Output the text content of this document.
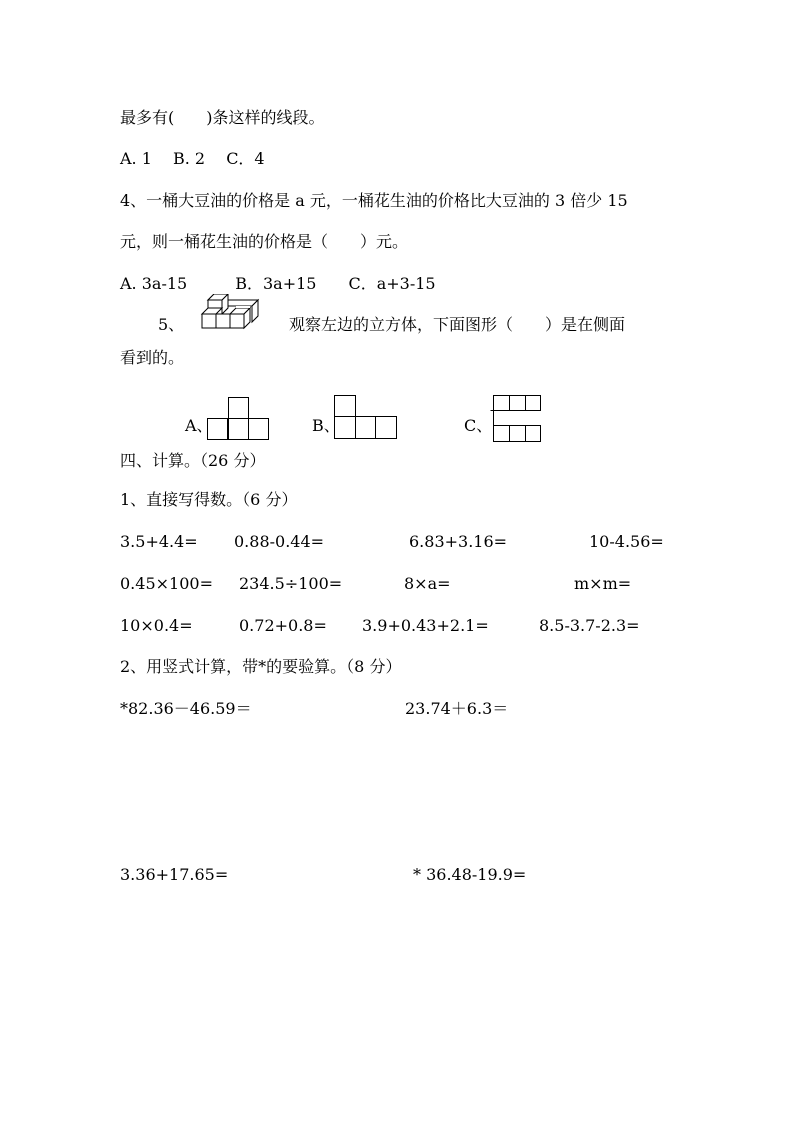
最多有(　　)条这样的线段。
A. 1　 B. 2　 C．4
4、一桶大豆油的价格是 a 元，一桶花生油的价格比大豆油的 3 倍少 15
元，则一桶花生油的价格是（　　）元。
A. 3a-15　　　B．3a+15　　C．a+3-15
5、	观察左边的立方体，下面图形（　　）是在侧面
看到的。
A、	B、	C、
四、计算。（26 分）
1、直接写得数。（6 分）
3.5+4.4= 0.88-0.44=	6.83+3.16=	10-4.56=
0.45×100= 234.5÷100=	8×a=	m×m=
10×0.4=	0.72+0.8= 3.9+0.43+2.1=	8.5-3.7-2.3=
2、用竖式计算，带*的要验算。（8 分）
*82.36－46.59＝	23.74＋6.3＝
3.36+17.65=	* 36.48-19.9=
